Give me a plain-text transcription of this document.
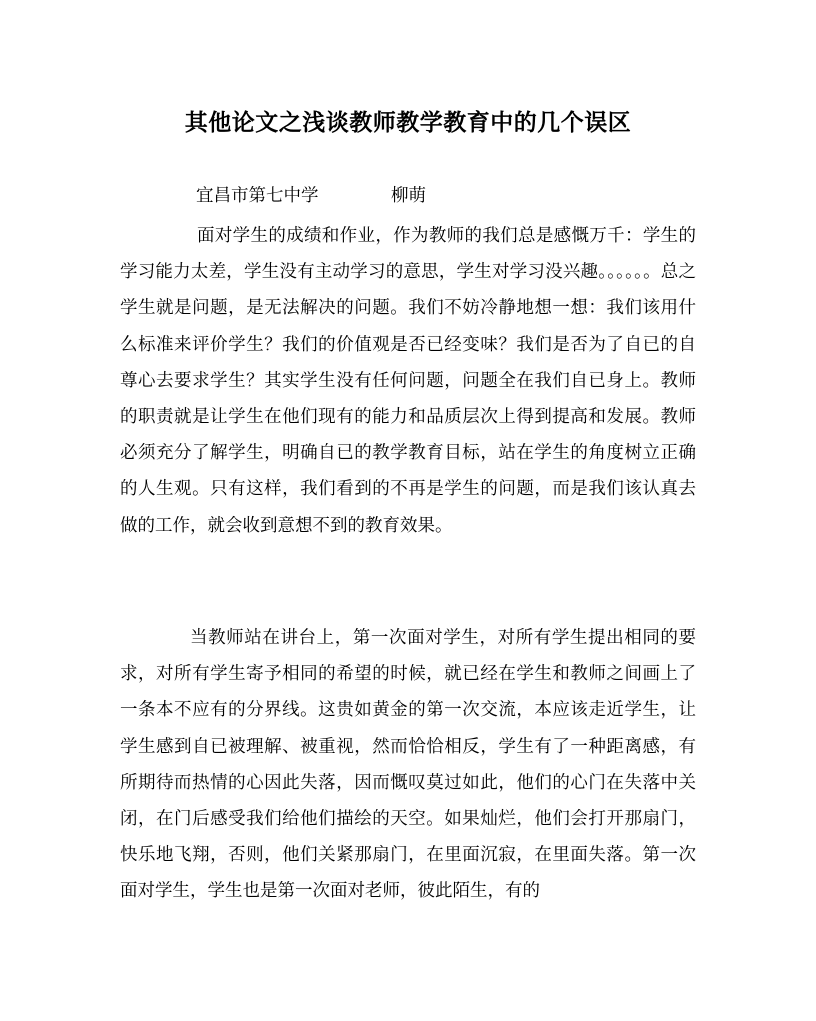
其他论文之浅谈教师教学教育中的几个误区
宜昌市第七中学	柳萌

面对学生的成绩和作业，作为教师的我们总是感慨万千：学生的学习能力太差，学生没有主动学习的意思，学生对学习没兴趣。。。。。。总之学生就是问题，是无法解决的问题。我们不妨冷静地想一想：我们该用什么标准来评价学生？我们的价值观是否已经变味？我们是否为了自已的自尊心去要求学生？其实学生没有任何问题，问题全在我们自已身上。教师的职责就是让学生在他们现有的能力和品质层次上得到提高和发展。教师必须充分了解学生，明确自已的教学教育目标，站在学生的角度树立正确的人生观。只有这样，我们看到的不再是学生的问题，而是我们该认真去做的工作，就会收到意想不到的教育效果。

当教师站在讲台上，第一次面对学生，对所有学生提出相同的要求，对所有学生寄予相同的希望的时候，就已经在学生和教师之间画上了一条本不应有的分界线。这贵如黄金的第一次交流，本应该走近学生，让学生感到自已被理解、被重视，然而恰恰相反，学生有了一种距离感，有所期待而热情的心因此失落，因而慨叹莫过如此，他们的心门在失落中关闭，在门后感受我们给他们描绘的天空。如果灿烂，他们会打开那扇门，快乐地飞翔，否则，他们关紧那扇门，在里面沉寂，在里面失落。第一次面对学生，学生也是第一次面对老师，彼此陌生，有的
